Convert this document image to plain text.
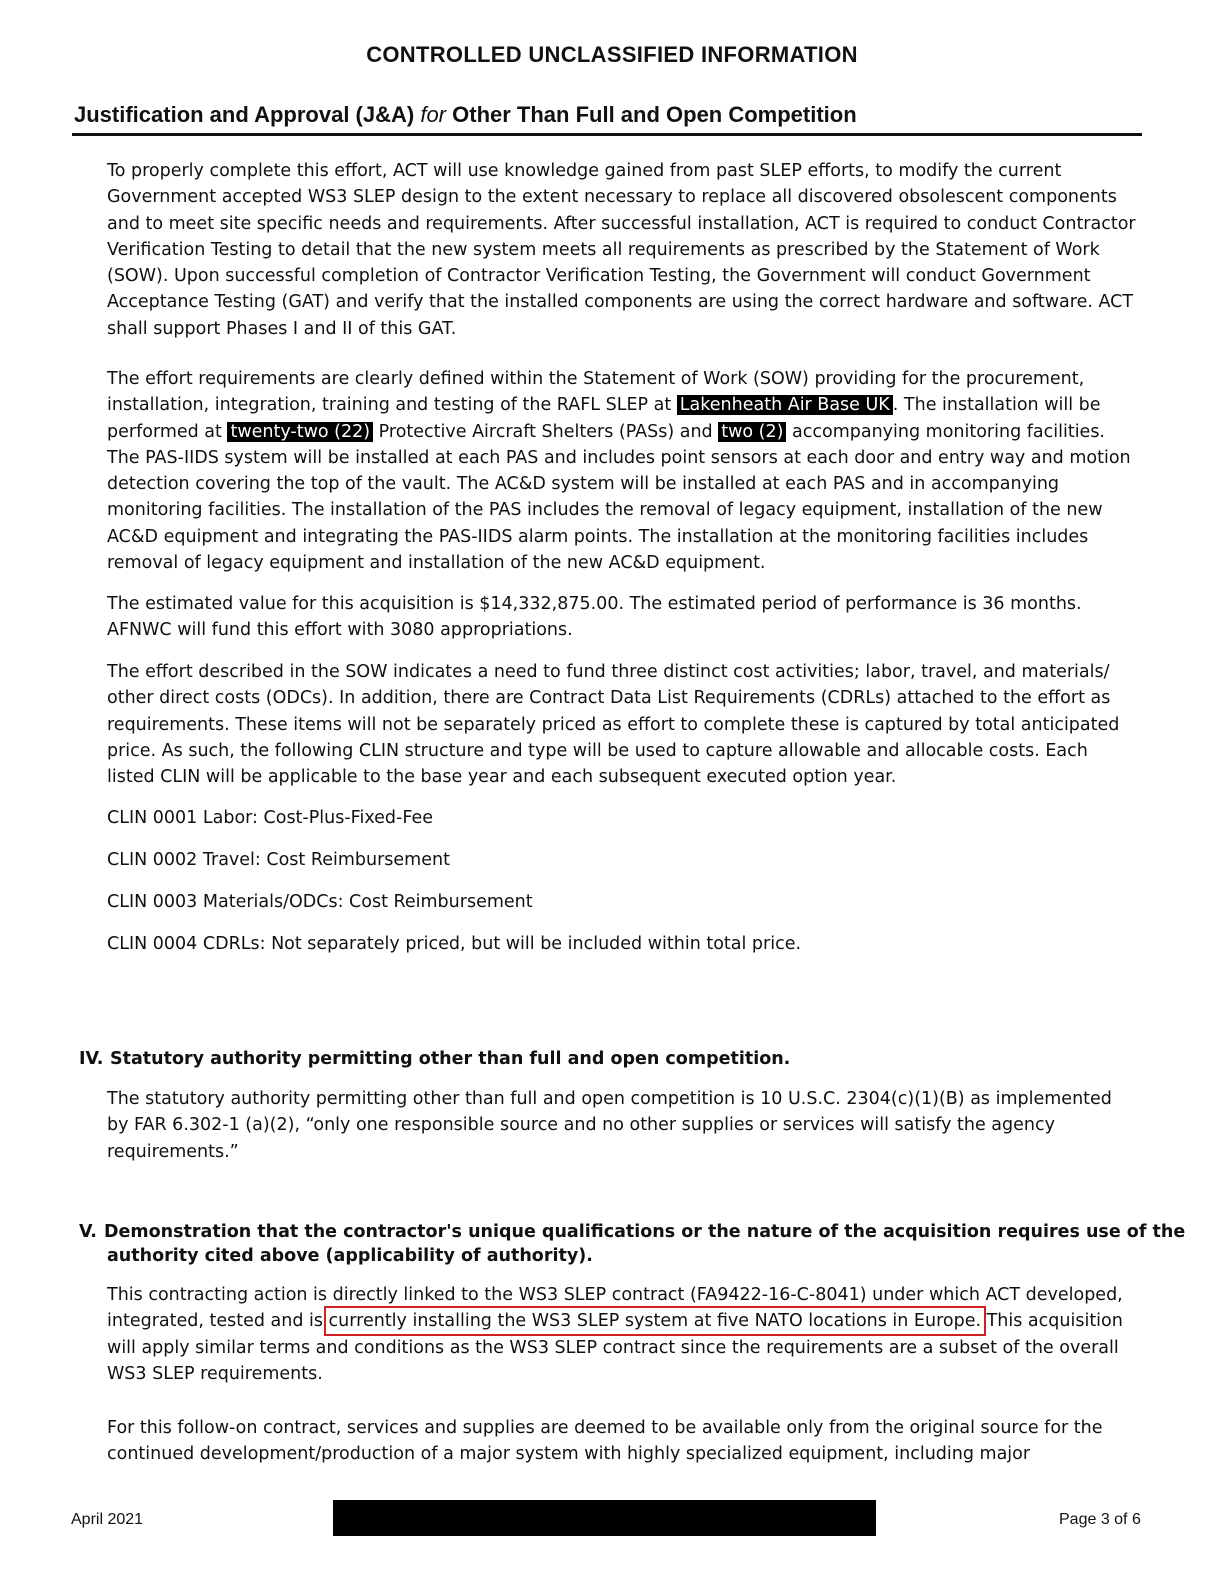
CONTROLLED UNCLASSIFIED INFORMATION
Justification and Approval (J&A) for Other Than Full and Open Competition

To properly complete this effort, ACT will use knowledge gained from past SLEP efforts, to modify the current Government accepted WS3 SLEP design to the extent necessary to replace all discovered obsolescent components and to meet site specific needs and requirements. After successful installation, ACT is required to conduct Contractor Verification Testing to detail that the new system meets all requirements as prescribed by the Statement of Work (SOW). Upon successful completion of Contractor Verification Testing, the Government will conduct Government Acceptance Testing (GAT) and verify that the installed components are using the correct hardware and software. ACT shall support Phases I and II of this GAT.

The effort requirements are clearly defined within the Statement of Work (SOW) providing for the procurement, installation, integration, training and testing of the RAFL SLEP at Lakenheath Air Base UK . The installation will be performed at twenty-two (22) Protective Aircraft Shelters (PASs) and two (2) accompanying monitoring facilities. The PAS-IIDS system will be installed at each PAS and includes point sensors at each door and entry way and motion detection covering the top of the vault. The AC&D system will be installed at each PAS and in accompanying monitoring facilities. The installation of the PAS includes the removal of legacy equipment, installation of the new AC&D equipment and integrating the PAS-IIDS alarm points. The installation at the monitoring facilities includes removal of legacy equipment and installation of the new AC&D equipment.

The estimated value for this acquisition is $14,332,875.00. The estimated period of performance is 36 months. AFNWC will fund this effort with 3080 appropriations.

The effort described in the SOW indicates a need to fund three distinct cost activities; labor, travel, and materials/ other direct costs (ODCs). In addition, there are Contract Data List Requirements (CDRLs) attached to the effort as requirements. These items will not be separately priced as effort to complete these is captured by total anticipated price. As such, the following CLIN structure and type will be used to capture allowable and allocable costs. Each listed CLIN will be applicable to the base year and each subsequent executed option year.

CLIN 0001 Labor: Cost-Plus-Fixed-Fee
CLIN 0002 Travel: Cost Reimbursement
CLIN 0003 Materials/ODCs: Cost Reimbursement
CLIN 0004 CDRLs: Not separately priced, but will be included within total price.
IV. Statutory authority permitting other than full and open competition.

The statutory authority permitting other than full and open competition is 10 U.S.C. 2304(c)(1)(B) as implemented by FAR 6.302-1 (a)(2), “only one responsible source and no other supplies or services will satisfy the agency requirements.”

V. Demonstration that the contractor's unique qualifications or the nature of the acquisition requires use of the
authority cited above (applicability of authority).

This contracting action is directly linked to the WS3 SLEP contract (FA9422-16-C-8041) under which ACT developed, integrated, tested and is currently installing the WS3 SLEP system at five NATO locations in Europe. This acquisition will apply similar terms and conditions as the WS3 SLEP contract since the requirements are a subset of the overall WS3 SLEP requirements.

For this follow-on contract, services and supplies are deemed to be available only from the original source for the continued development/production of a major system with highly specialized equipment, including major

April 2021	Page 3 of 6
